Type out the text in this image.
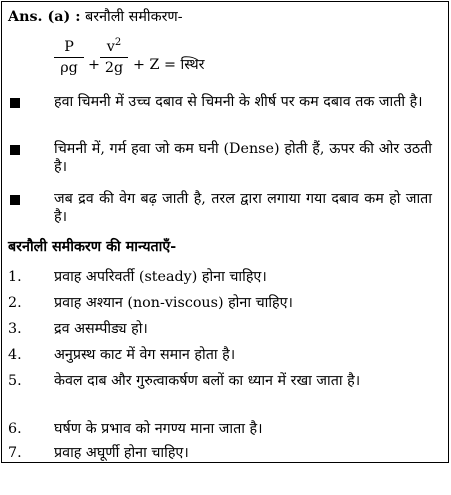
Ans. (a) : बरनौली समीकरण-
P
ρg +
$v^2$
2g + Z = स्थिर
हवा चिमनी में उच्च दबाव से चिमनी के शीर्ष पर कम दबाव तक जाती है।
चिमनी में, गर्म हवा जो कम घनी (Dense) होती हैं, ऊपर की ओर उठती है।
जब द्रव की वेग बढ़ जाती है, तरल द्वारा लगाया गया दबाव कम हो जाता है।
बरनौली समीकरण की मान्यताऍं-
1. प्रवाह अपरिवर्ती (steady) होना चाहिए।
2. प्रवाह अश्यान (non-viscous) होना चाहिए।
3. द्रव असम्पीड्य हो।
4. अनुप्रस्थ काट में वेग समान होता है।
5. केवल दाब और गुरुत्वाकर्षण बलों का ध्यान में रखा जाता है।
6. घर्षण के प्रभाव को नगण्य माना जाता है।
7. प्रवाह अघूर्णी होना चाहिए।
